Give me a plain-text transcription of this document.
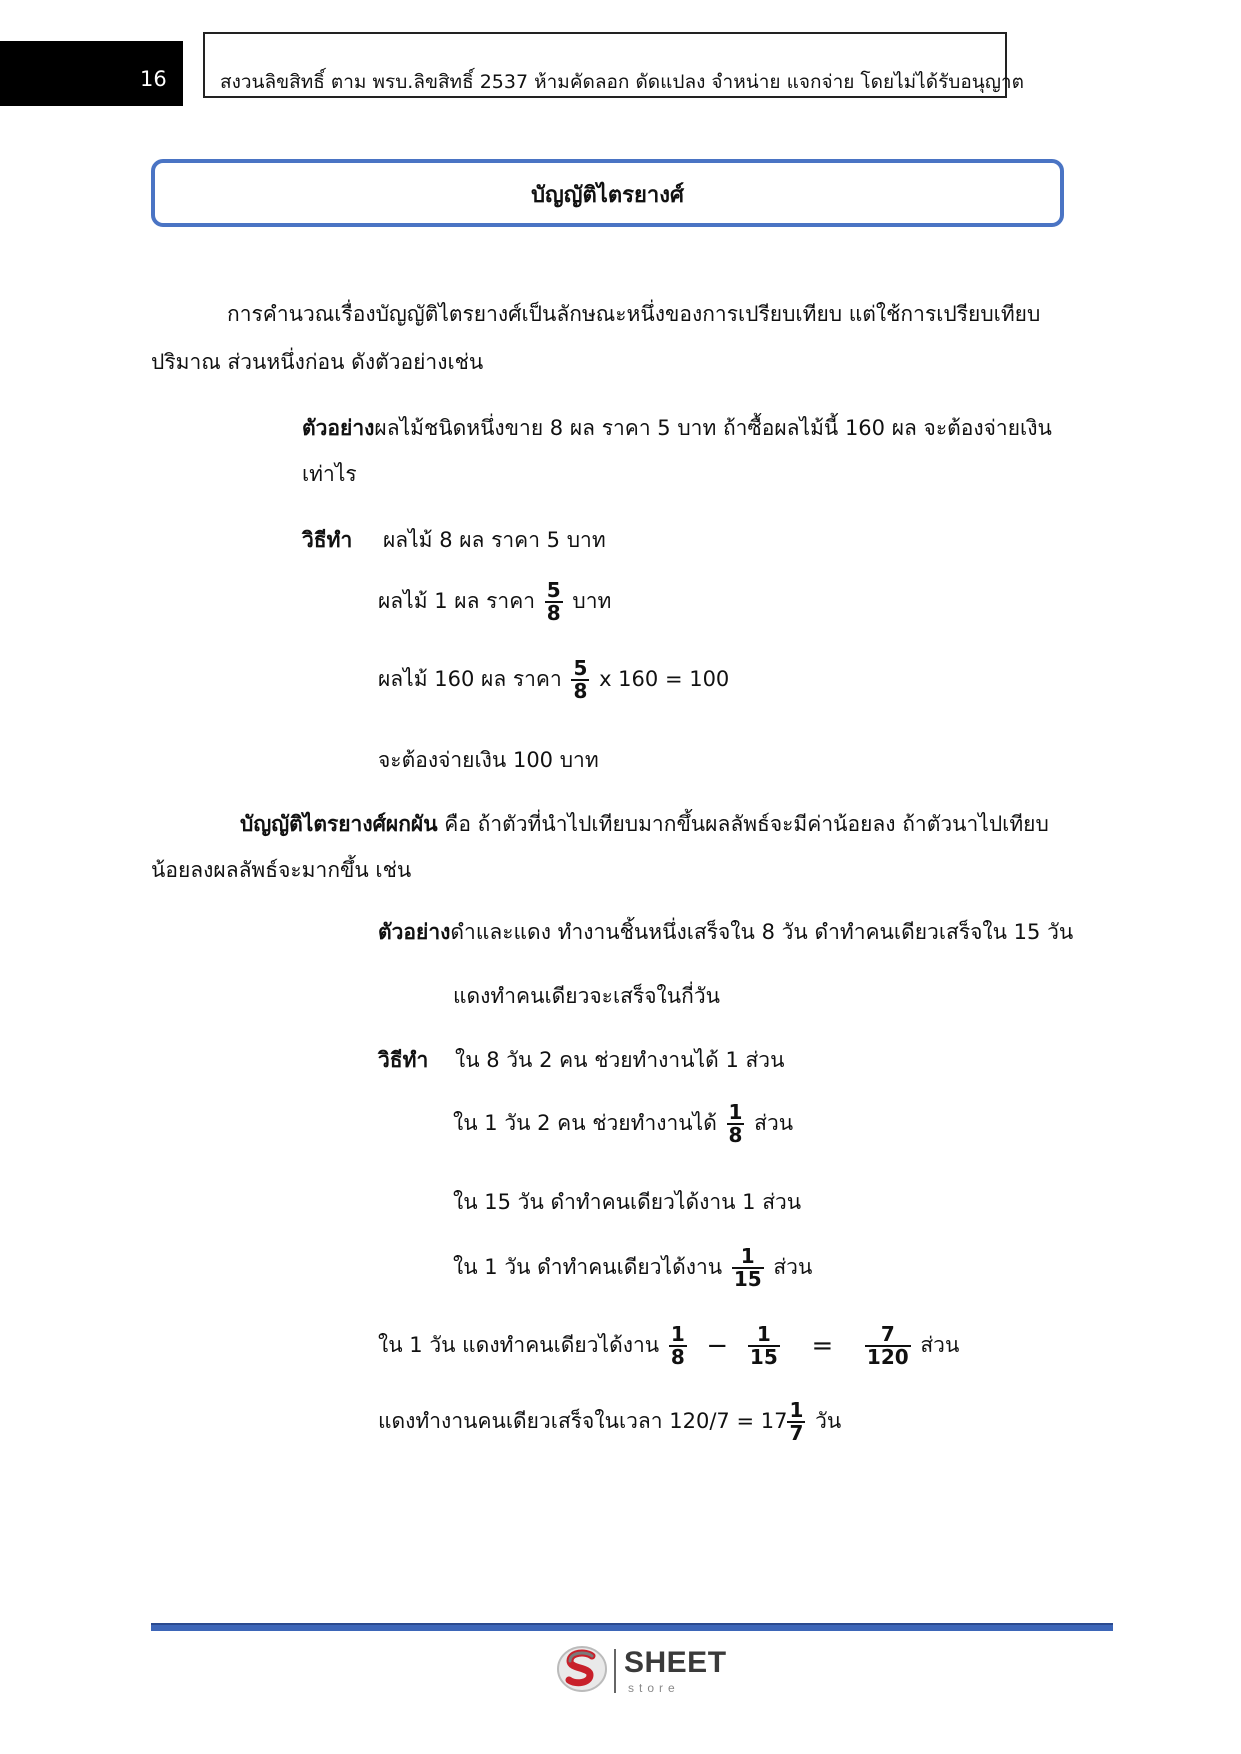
16	สงวนลิขสิทธิ์ ตาม พรบ.ลิขสิทธิ์ 2537 ห้ามคัดลอก ดัดแปลง จำหน่าย แจกจ่าย โดยไม่ได้รับอนุญาต
บัญญัติไตรยางศ์
การคำนวณเรื่องบัญญัติไตรยางศ์เป็นลักษณะหนึ่งของการเปรียบเทียบ แต่ใช้การเปรียบเทียบ
ปริมาณ ส่วนหนึ่งก่อน ดังตัวอย่างเช่น
ตัวอย่างผลไม้ชนิดหนึ่งขาย 8 ผล ราคา 5 บาท ถ้าซื้อผลไม้นี้ 160 ผล จะต้องจ่ายเงิน
เท่าไร
วิธีทำ ผลไม้ 8 ผล ราคา 5 บาท
ผลไม้ 1 ผล ราคา $\frac{5}{8}$ บาท
ผลไม้ 160 ผล ราคา $\frac{5}{8}$ x 160 = 100
จะต้องจ่ายเงิน 100 บาท
บัญญัติไตรยางศ์ผกผัน คือ ถ้าตัวที่นำไปเทียบมากขึ้นผลลัพธ์จะมีค่าน้อยลง ถ้าตัวนาไปเทียบ
น้อยลงผลลัพธ์จะมากขึ้น เช่น
ตัวอย่างดำและแดง ทำงานชิ้นหนึ่งเสร็จใน 8 วัน ดำทำคนเดียวเสร็จใน 15 วัน
แดงทำคนเดียวจะเสร็จในกี่วัน
วิธีทำ ใน 8 วัน 2 คน ช่วยทำงานได้ 1 ส่วน
ใน 1 วัน 2 คน ช่วยทำงานได้ $\frac{1}{8}$ ส่วน
ใน 15 วัน ดำทำคนเดียวได้งาน 1 ส่วน
ใน 1 วัน ดำทำคนเดียวได้งาน $\frac{1}{15}$ ส่วน
ใน 1 วัน แดงทำคนเดียวได้งาน $\frac{1}{8} - \frac{1}{15} = \frac{7}{120}$ ส่วน
แดงทำงานคนเดียวเสร็จในเวลา $120/7 = 17 \frac{1}{7}$ วัน
SHEET
store
